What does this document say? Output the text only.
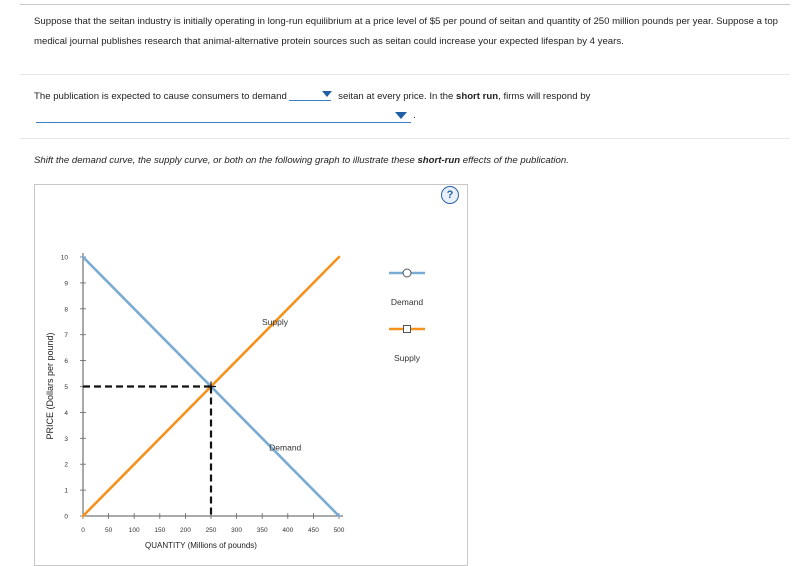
Suppose that the seitan industry is initially operating in long-run equilibrium at a price level of $5 per pound of seitan and quantity of 250 million pounds per year. Suppose a top medical journal publishes research that animal-alternative protein sources such as seitan could increase your expected lifespan by 4 years.

The publication is expected to cause consumers to demand	seitan at every price. In the short run, firms will respond by

.

Shift the demand curve, the supply curve, or both on the following graph to illustrate these short-run effects of the publication.

?
PRICE (Dollars per pound)
0
1
2
3
4
5
6
7
8
9
10
0	50	100 150 200 250 300 350 400 450 500
Supply
Demand
Demand
Supply
QUANTITY (Millions of pounds)
